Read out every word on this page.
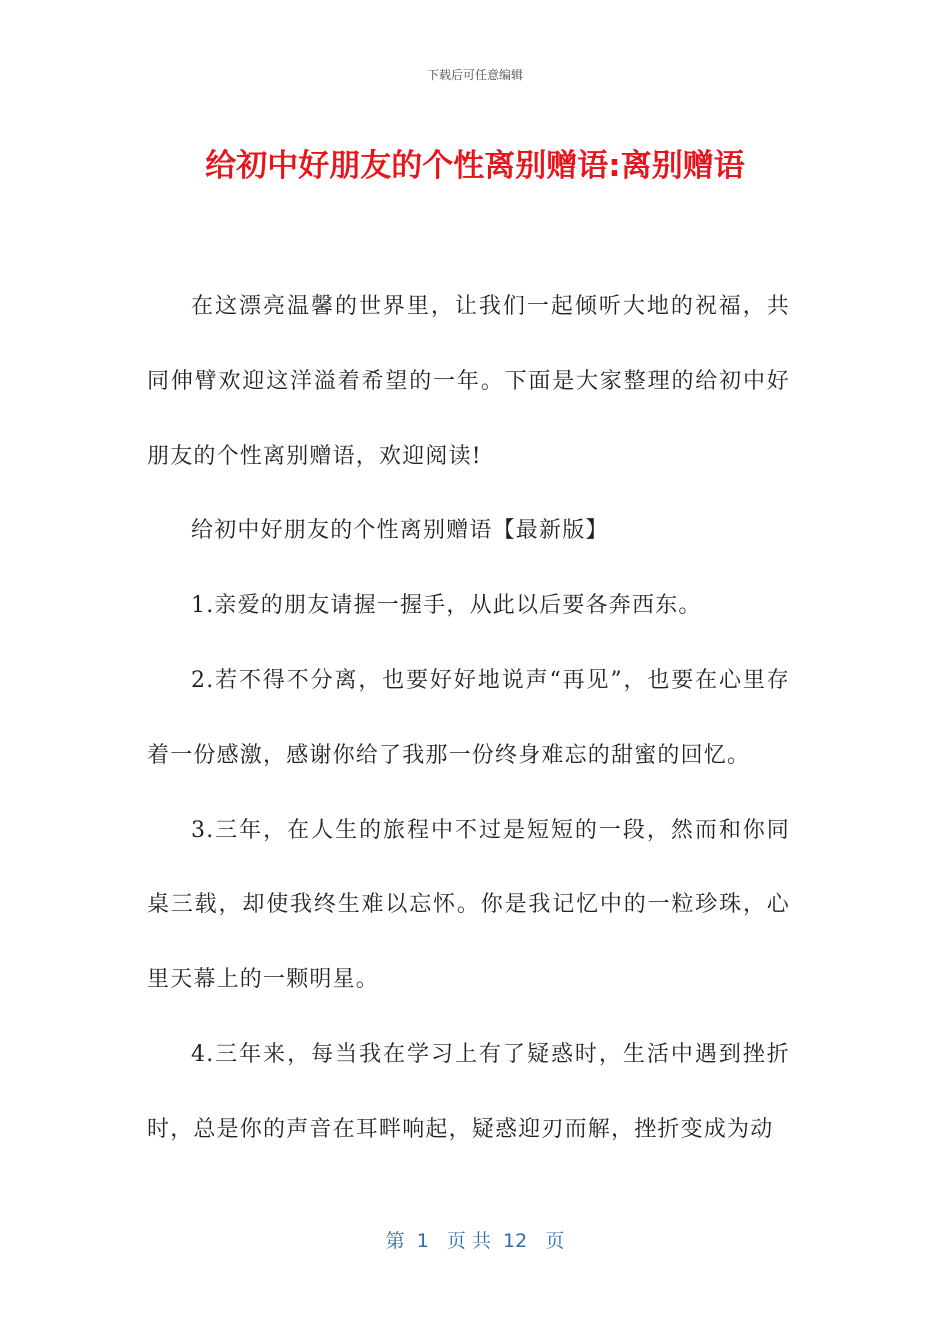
下载后可任意编辑
给初中好朋友的个性离别赠语:离别赠语

在这漂亮温馨的世界里，让我们一起倾听大地的祝福，共同伸臂欢迎这洋溢着希望的一年。下面是大家整理的给初中好朋友的个性离别赠语，欢迎阅读!

给初中好朋友的个性离别赠语【最新版】

1.亲爱的朋友请握一握手，从此以后要各奔西东。

2.若不得不分离，也要好好地说声“再见”，也要在心里存着一份感激，感谢你给了我那一份终身难忘的甜蜜的回忆。

3.三年，在人生的旅程中不过是短短的一段，然而和你同桌三载，却使我终生难以忘怀。你是我记忆中的一粒珍珠，心里天幕上的一颗明星。

4.三年来，每当我在学习上有了疑惑时，生活中遇到挫折时，总是你的声音在耳畔响起，疑惑迎刃而解，挫折变成为动

第  1   页 共  12   页
